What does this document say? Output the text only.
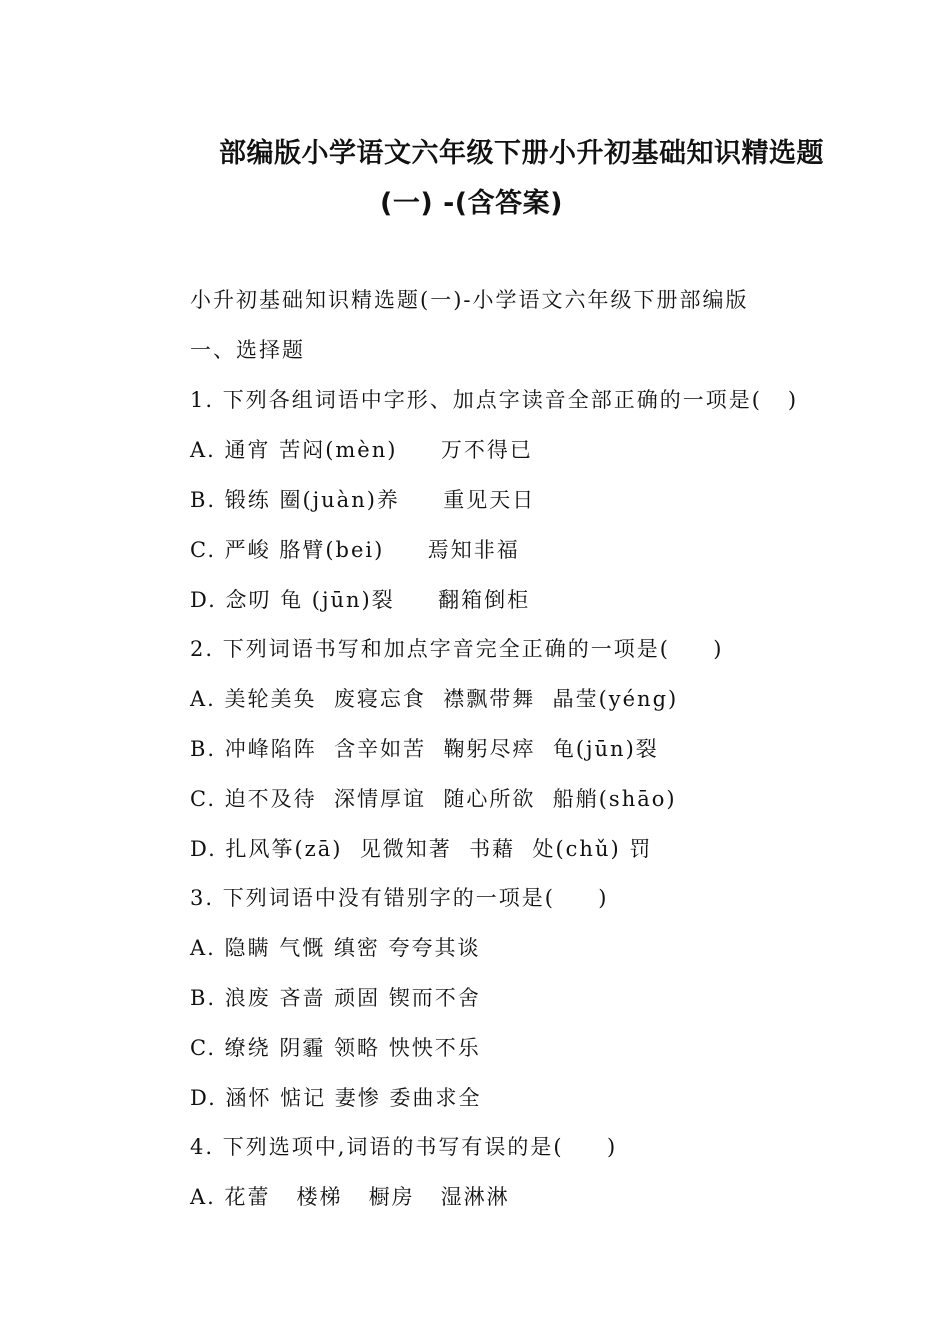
部编版小学语文六年级下册小升初基础知识精选题
(一) -(含答案)
小升初基础知识精选题(一)-小学语文六年级下册部编版
一、选择题
1. 下列各组词语中字形、加点字读音全部正确的一项是(   )
A. 通宵 苦闷(mèn)     万不得已
B. 锻练 圈(juàn)养     重见天日
C. 严峻 胳臂(bei)     焉知非福
D. 念叨 龟 (jūn)裂     翻箱倒柜
2. 下列词语书写和加点字音完全正确的一项是(     )
A. 美轮美奂  废寝忘食  襟飘带舞  晶莹(yéng)
B. 冲峰陷阵  含辛如苦  鞠躬尽瘁  龟(jūn)裂
C. 迫不及待  深情厚谊  随心所欲  船艄(shāo)
D. 扎风筝(zā)  见微知著  书藉  处(chǔ) 罚
3. 下列词语中没有错别字的一项是(     )
A. 隐瞒 气慨 缜密 夸夸其谈
B. 浪废 吝啬 顽固 锲而不舍
C. 缭绕 阴霾 领略 怏怏不乐
D. 涵怀 惦记 妻惨 委曲求全
4. 下列选项中,词语的书写有误的是(     )
A. 花蕾   楼梯   橱房   湿淋淋
